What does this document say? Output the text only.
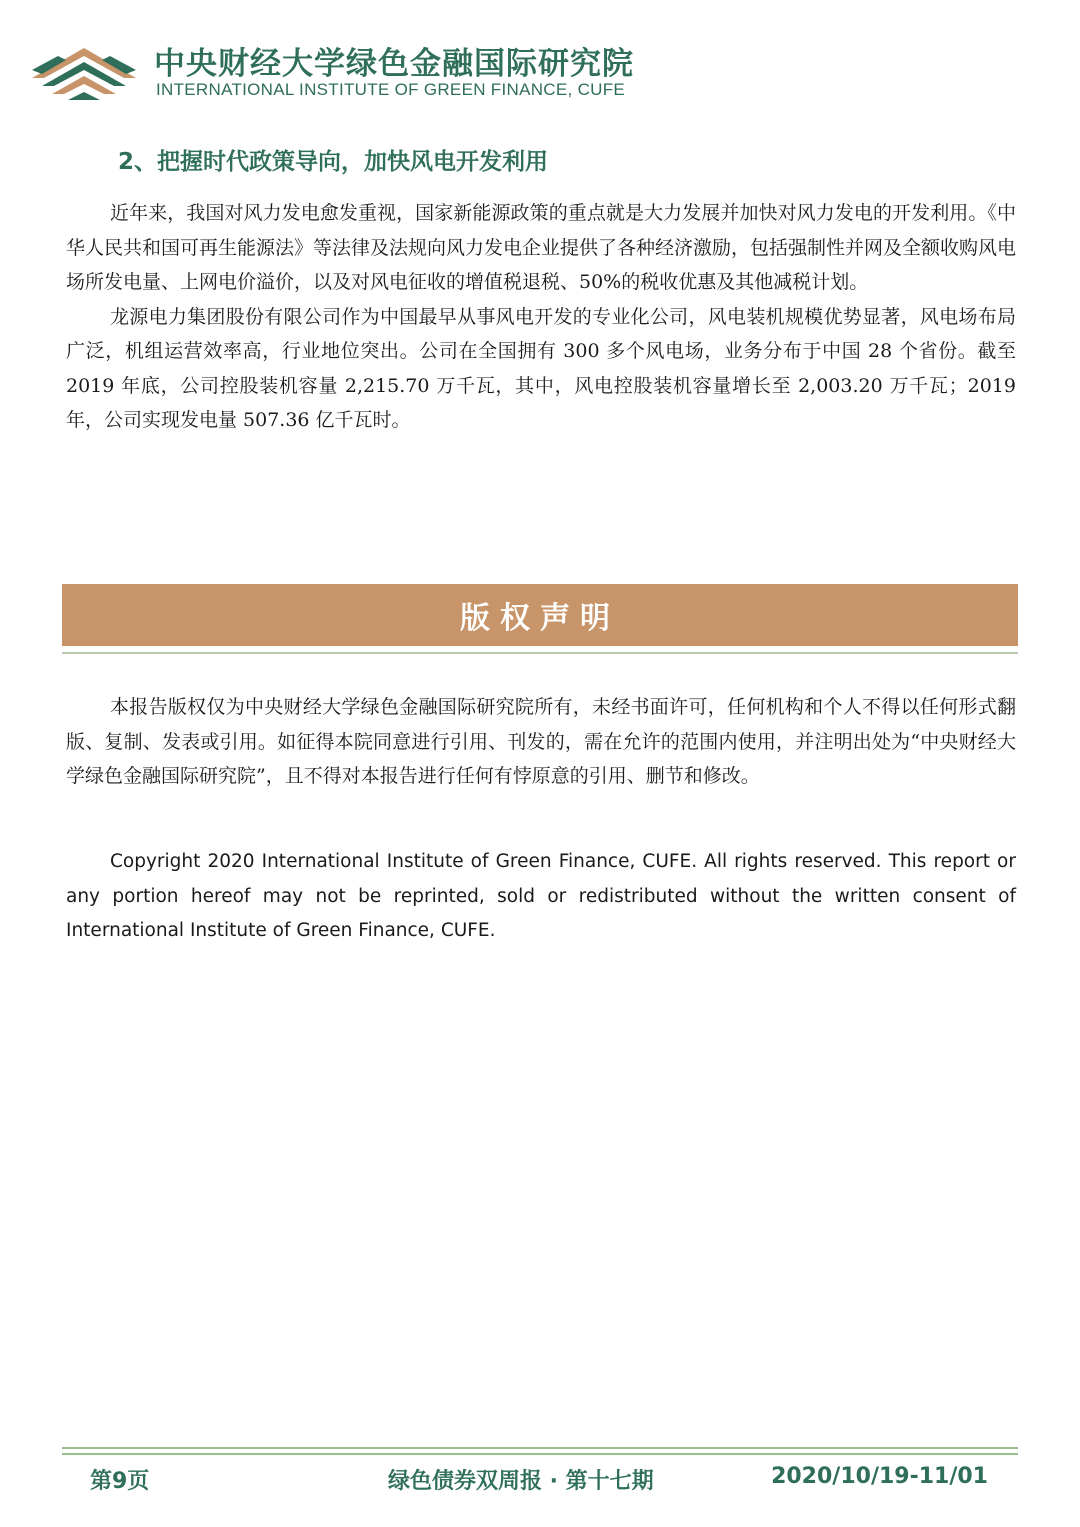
中央财经大学绿色金融国际研究院
INTERNATIONAL INSTITUTE OF GREEN FINANCE, CUFE
2、把握时代政策导向，加快风电开发利用

近年来，我国对风力发电愈发重视，国家新能源政策的重点就是大力发展并加快对风力发电的开发利用。《中华人民共和国可再生能源法》等法律及法规向风力发电企业提供了各种经济激励，包括强制性并网及全额收购风电场所发电量、上网电价溢价，以及对风电征收的增值税退税、50%的税收优惠及其他减税计划。

龙源电力集团股份有限公司作为中国最早从事风电开发的专业化公司，风电装机规模优势显著，风电场布局广泛，机组运营效率高，行业地位突出。公司在全国拥有 300 多个风电场，业务分布于中国 28 个省份。截至 2019 年底，公司控股装机容量 2,215.70 万千瓦，其中，风电控股装机容量增长至 2,003.20 万千瓦；2019 年，公司实现发电量 507.36 亿千瓦时。

版权声明

本报告版权仅为中央财经大学绿色金融国际研究院所有，未经书面许可，任何机构和个人不得以任何形式翻版、复制、发表或引用。如征得本院同意进行引用、刊发的，需在允许的范围内使用，并注明出处为“中央财经大学绿色金融国际研究院”，且不得对本报告进行任何有悖原意的引用、删节和修改。

Copyright 2020 International Institute of Green Finance, CUFE. All rights reserved. This report or any portion hereof may not be reprinted, sold or redistributed without the written consent of International Institute of Green Finance, CUFE.

第9页	绿色债券双周报 · 第十七期	2020/10/19-11/01
